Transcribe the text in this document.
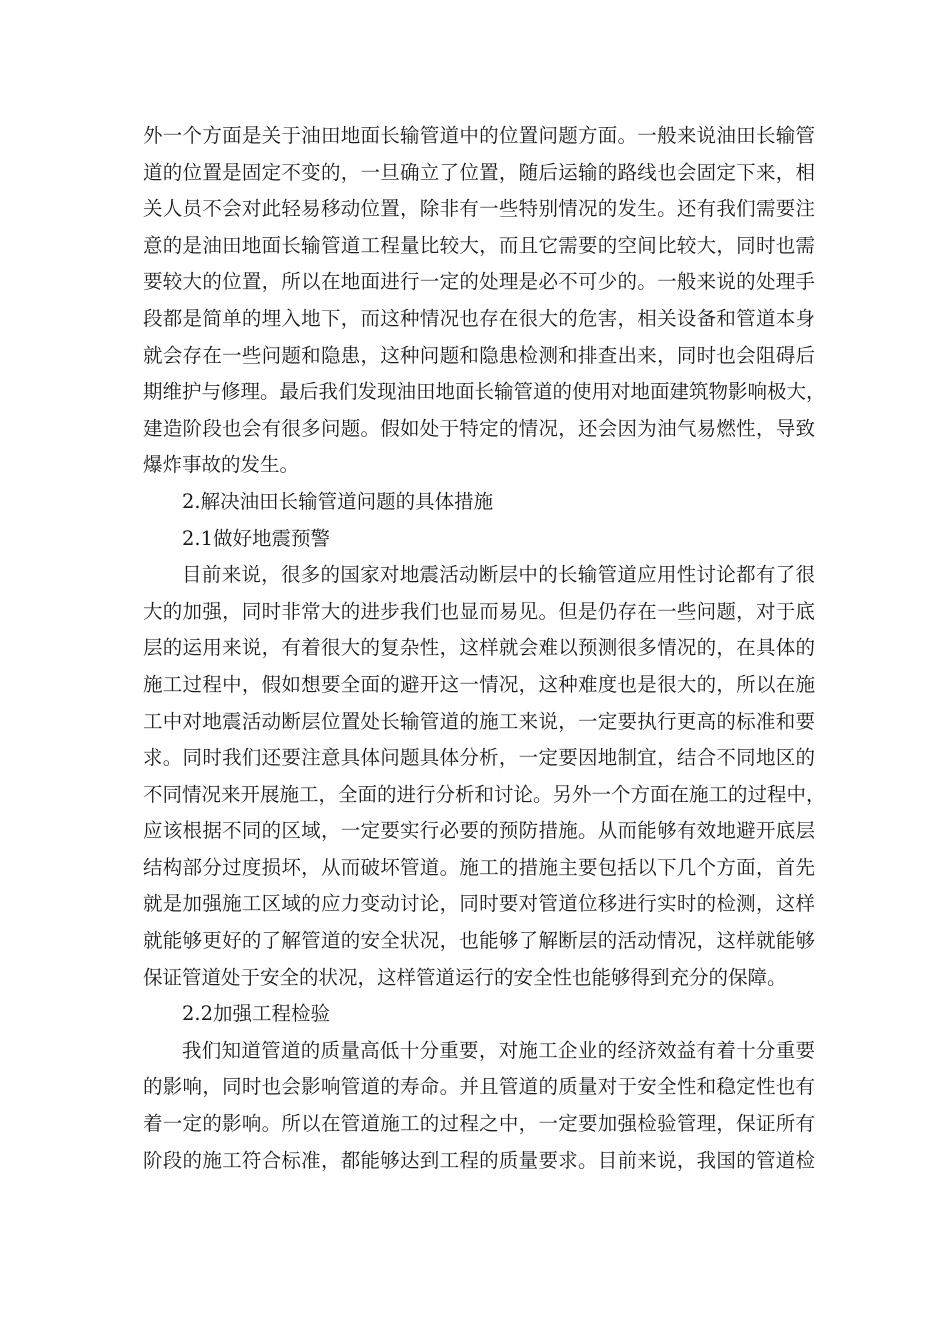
外一个方面是关于油田地面长输管道中的位置问题方面。一般来说油田长输管
道的位置是固定不变的，一旦确立了位置，随后运输的路线也会固定下来，相
关人员不会对此轻易移动位置，除非有一些特别情况的发生。还有我们需要注
意的是油田地面长输管道工程量比较大，而且它需要的空间比较大，同时也需
要较大的位置，所以在地面进行一定的处理是必不可少的。一般来说的处理手
段都是简单的埋入地下，而这种情况也存在很大的危害，相关设备和管道本身
就会存在一些问题和隐患，这种问题和隐患检测和排查出来，同时也会阻碍后
期维护与修理。最后我们发现油田地面长输管道的使用对地面建筑物影响极大，
建造阶段也会有很多问题。假如处于特定的情况，还会因为油气易燃性，导致
爆炸事故的发生。
2.解决油田长输管道问题的具体措施
2.1做好地震预警
目前来说，很多的国家对地震活动断层中的长输管道应用性讨论都有了很
大的加强，同时非常大的进步我们也显而易见。但是仍存在一些问题，对于底
层的运用来说，有着很大的复杂性，这样就会难以预测很多情况的，在具体的
施工过程中，假如想要全面的避开这一情况，这种难度也是很大的，所以在施
工中对地震活动断层位置处长输管道的施工来说，一定要执行更高的标准和要
求。同时我们还要注意具体问题具体分析，一定要因地制宜，结合不同地区的
不同情况来开展施工，全面的进行分析和讨论。另外一个方面在施工的过程中，
应该根据不同的区域，一定要实行必要的预防措施。从而能够有效地避开底层
结构部分过度损坏，从而破坏管道。施工的措施主要包括以下几个方面，首先
就是加强施工区域的应力变动讨论，同时要对管道位移进行实时的检测，这样
就能够更好的了解管道的安全状况，也能够了解断层的活动情况，这样就能够
保证管道处于安全的状况，这样管道运行的安全性也能够得到充分的保障。
2.2加强工程检验
我们知道管道的质量高低十分重要，对施工企业的经济效益有着十分重要
的影响，同时也会影响管道的寿命。并且管道的质量对于安全性和稳定性也有
着一定的影响。所以在管道施工的过程之中，一定要加强检验管理，保证所有
阶段的施工符合标准，都能够达到工程的质量要求。目前来说，我国的管道检
